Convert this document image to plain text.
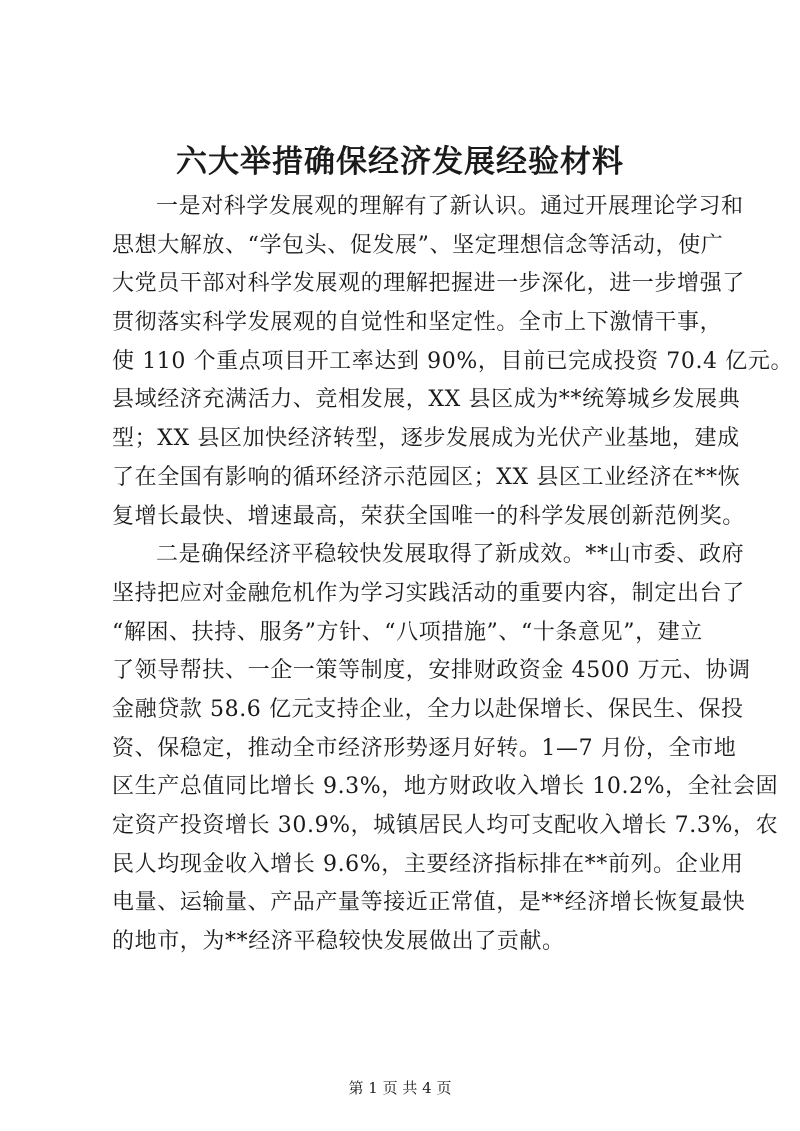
六大举措确保经济发展经验材料
一是对科学发展观的理解有了新认识。通过开展理论学习和
思想大解放、“学包头、促发展”、坚定理想信念等活动，使广
大党员干部对科学发展观的理解把握进一步深化，进一步增强了
贯彻落实科学发展观的自觉性和坚定性。全市上下激情干事，
使 110 个重点项目开工率达到 90%，目前已完成投资 70.4 亿元。
县域经济充满活力、竞相发展，XX 县区成为**统筹城乡发展典
型；XX 县区加快经济转型，逐步发展成为光伏产业基地，建成
了在全国有影响的循环经济示范园区；XX 县区工业经济在**恢
复增长最快、增速最高，荣获全国唯一的科学发展创新范例奖。
二是确保经济平稳较快发展取得了新成效。**山市委、政府
坚持把应对金融危机作为学习实践活动的重要内容，制定出台了
“解困、扶持、服务”方针、“八项措施”、“十条意见”，建立
了领导帮扶、一企一策等制度，安排财政资金 4500 万元、协调
金融贷款 58.6 亿元支持企业，全力以赴保增长、保民生、保投
资、保稳定，推动全市经济形势逐月好转。1—7 月份，全市地
区生产总值同比增长 9.3%，地方财政收入增长 10.2%，全社会固
定资产投资增长 30.9%，城镇居民人均可支配收入增长 7.3%，农
民人均现金收入增长 9.6%，主要经济指标排在**前列。企业用
电量、运输量、产品产量等接近正常值，是**经济增长恢复最快
的地市，为**经济平稳较快发展做出了贡献。
第 1 页 共 4 页
